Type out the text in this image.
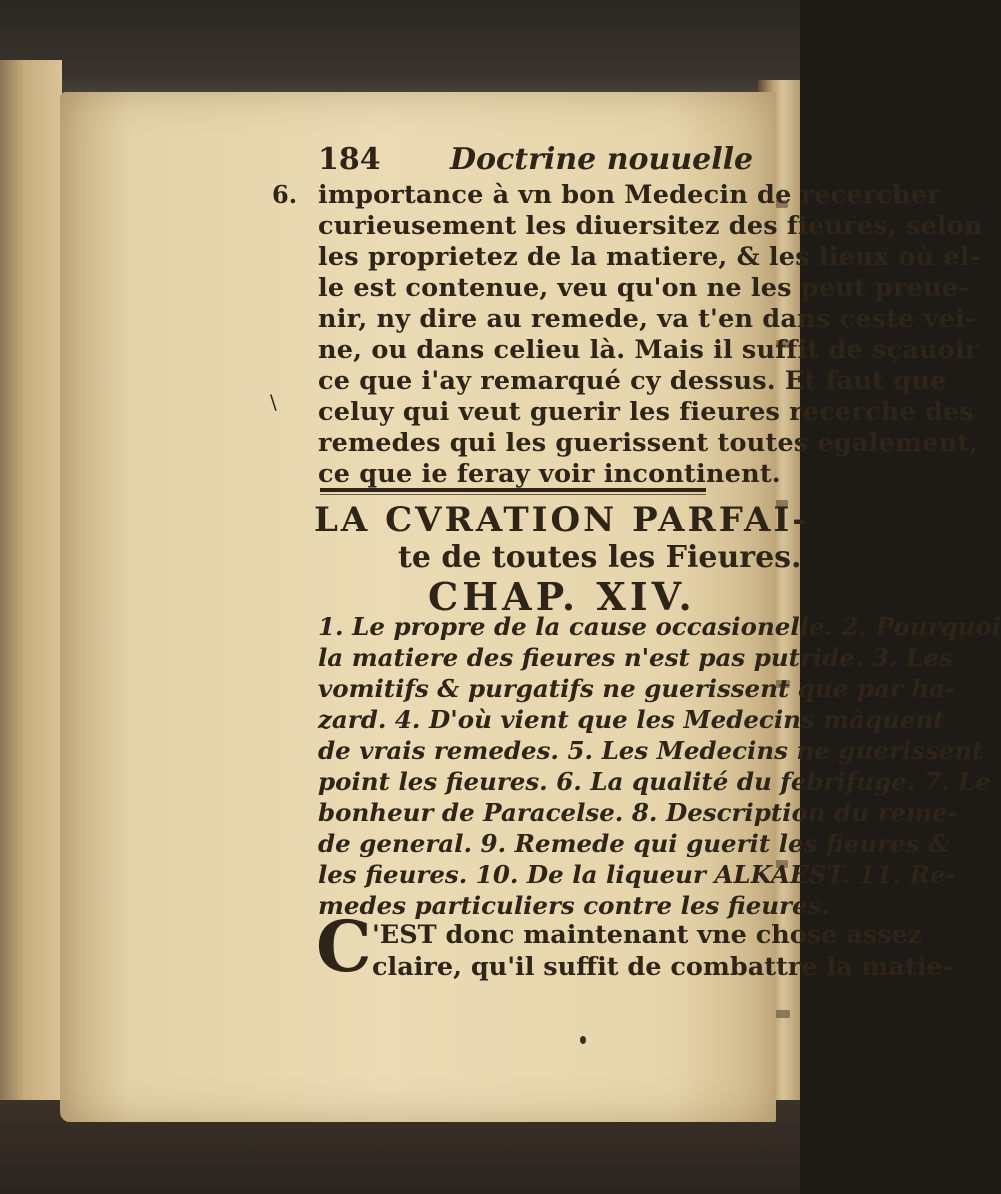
184 Doctrine nouuelle
6.
\
importance à vn bon Medecin de recercher
curieusement les diuersitez des fieures, selon
les proprietez de la matiere, & les lieux où el-
le est contenue, veu qu'on ne les peut preue-
nir, ny dire au remede, va t'en dans ceste vei-
ne, ou dans celieu là. Mais il suffit de sçauoir
ce que i'ay remarqué cy dessus. Et faut que
celuy qui veut guerir les fieures recerche des
remedes qui les guerissent toutes egalement,
LA CVRATION PARFAI-
te de toutes les Fieures.
CHAP. XIV.
1. Le propre de la cause occasionelle. 2. Pourquoi
la matiere des fieures n'est pas putride. 3. Les
vomitifs & purgatifs ne guerissent que par ha-
zard. 4. D'où vient que les Medecins mâquent
de vrais remedes. 5. Les Medecins ne guerissent
point les fieures. 6. La qualité du febrifuge. 7. Le
bonheur de Paracelse. 8. Description du reme-
de general. 9. Remede qui guerit les fieures &
les fieures. 10. De la liqueur ALKAEST. 11. Re-
C 'EST donc maintenant vne chose assez
claire, qu'il suffit de combattre la matie-
ce que ie feray voir incontinent.
medes particuliers contre les fieures.
